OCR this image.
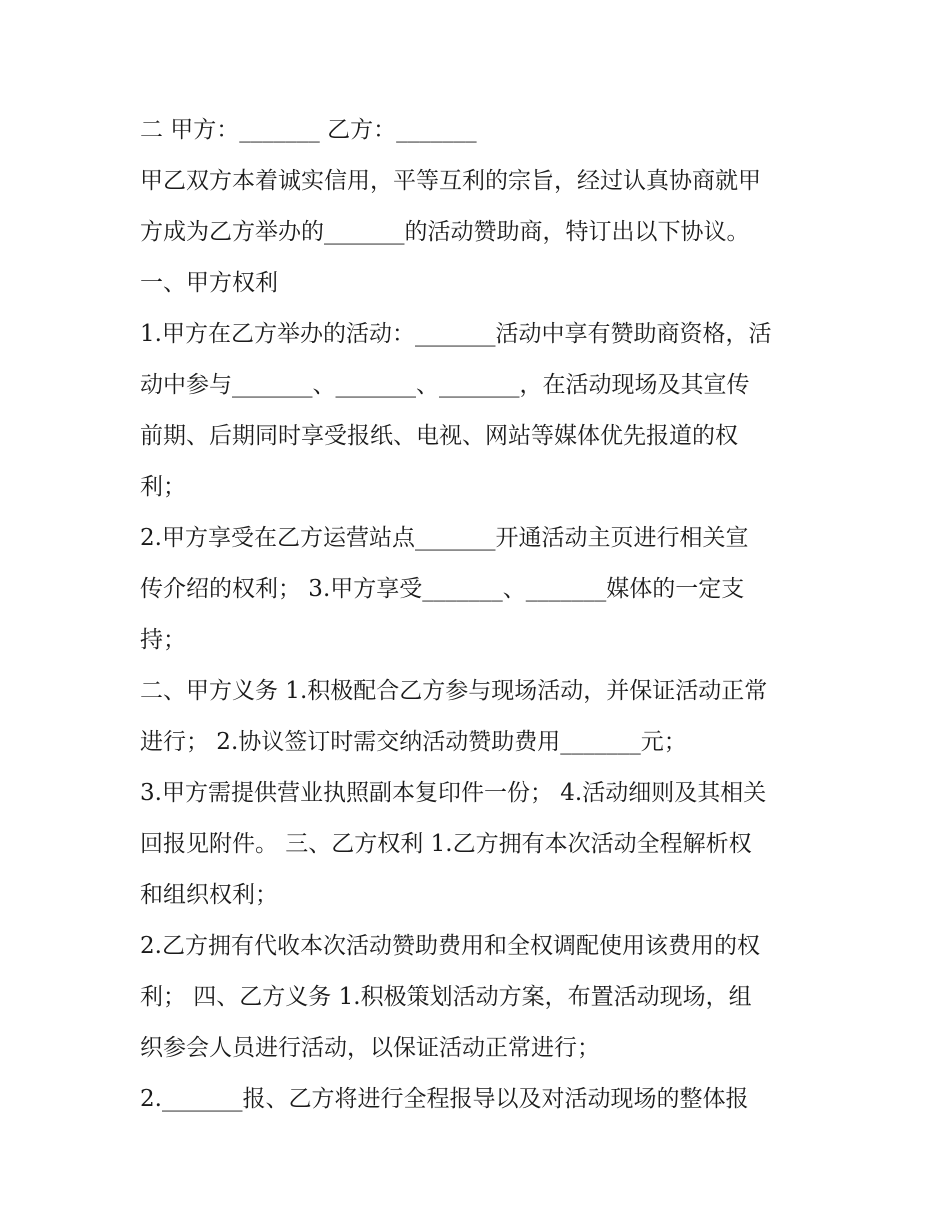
二 甲方：_______ 乙方：_______
甲乙双方本着诚实信用，平等互利的宗旨，经过认真协商就甲
方成为乙方举办的_______的活动赞助商，特订出以下协议。
一、甲方权利
1.甲方在乙方举办的活动：_______活动中享有赞助商资格，活
动中参与_______、_______、_______，在活动现场及其宣传
前期、后期同时享受报纸、电视、网站等媒体优先报道的权
利；
2.甲方享受在乙方运营站点_______开通活动主页进行相关宣
传介绍的权利； 3.甲方享受_______、_______媒体的一定支
持；
二、甲方义务 1.积极配合乙方参与现场活动，并保证活动正常
进行； 2.协议签订时需交纳活动赞助费用_______元；
3.甲方需提供营业执照副本复印件一份； 4.活动细则及其相关
回报见附件。 三、乙方权利 1.乙方拥有本次活动全程解析权
和组织权利；
2.乙方拥有代收本次活动赞助费用和全权调配使用该费用的权
利； 四、乙方义务 1.积极策划活动方案，布置活动现场，组
织参会人员进行活动，以保证活动正常进行；
2._______报、乙方将进行全程报导以及对活动现场的整体报
